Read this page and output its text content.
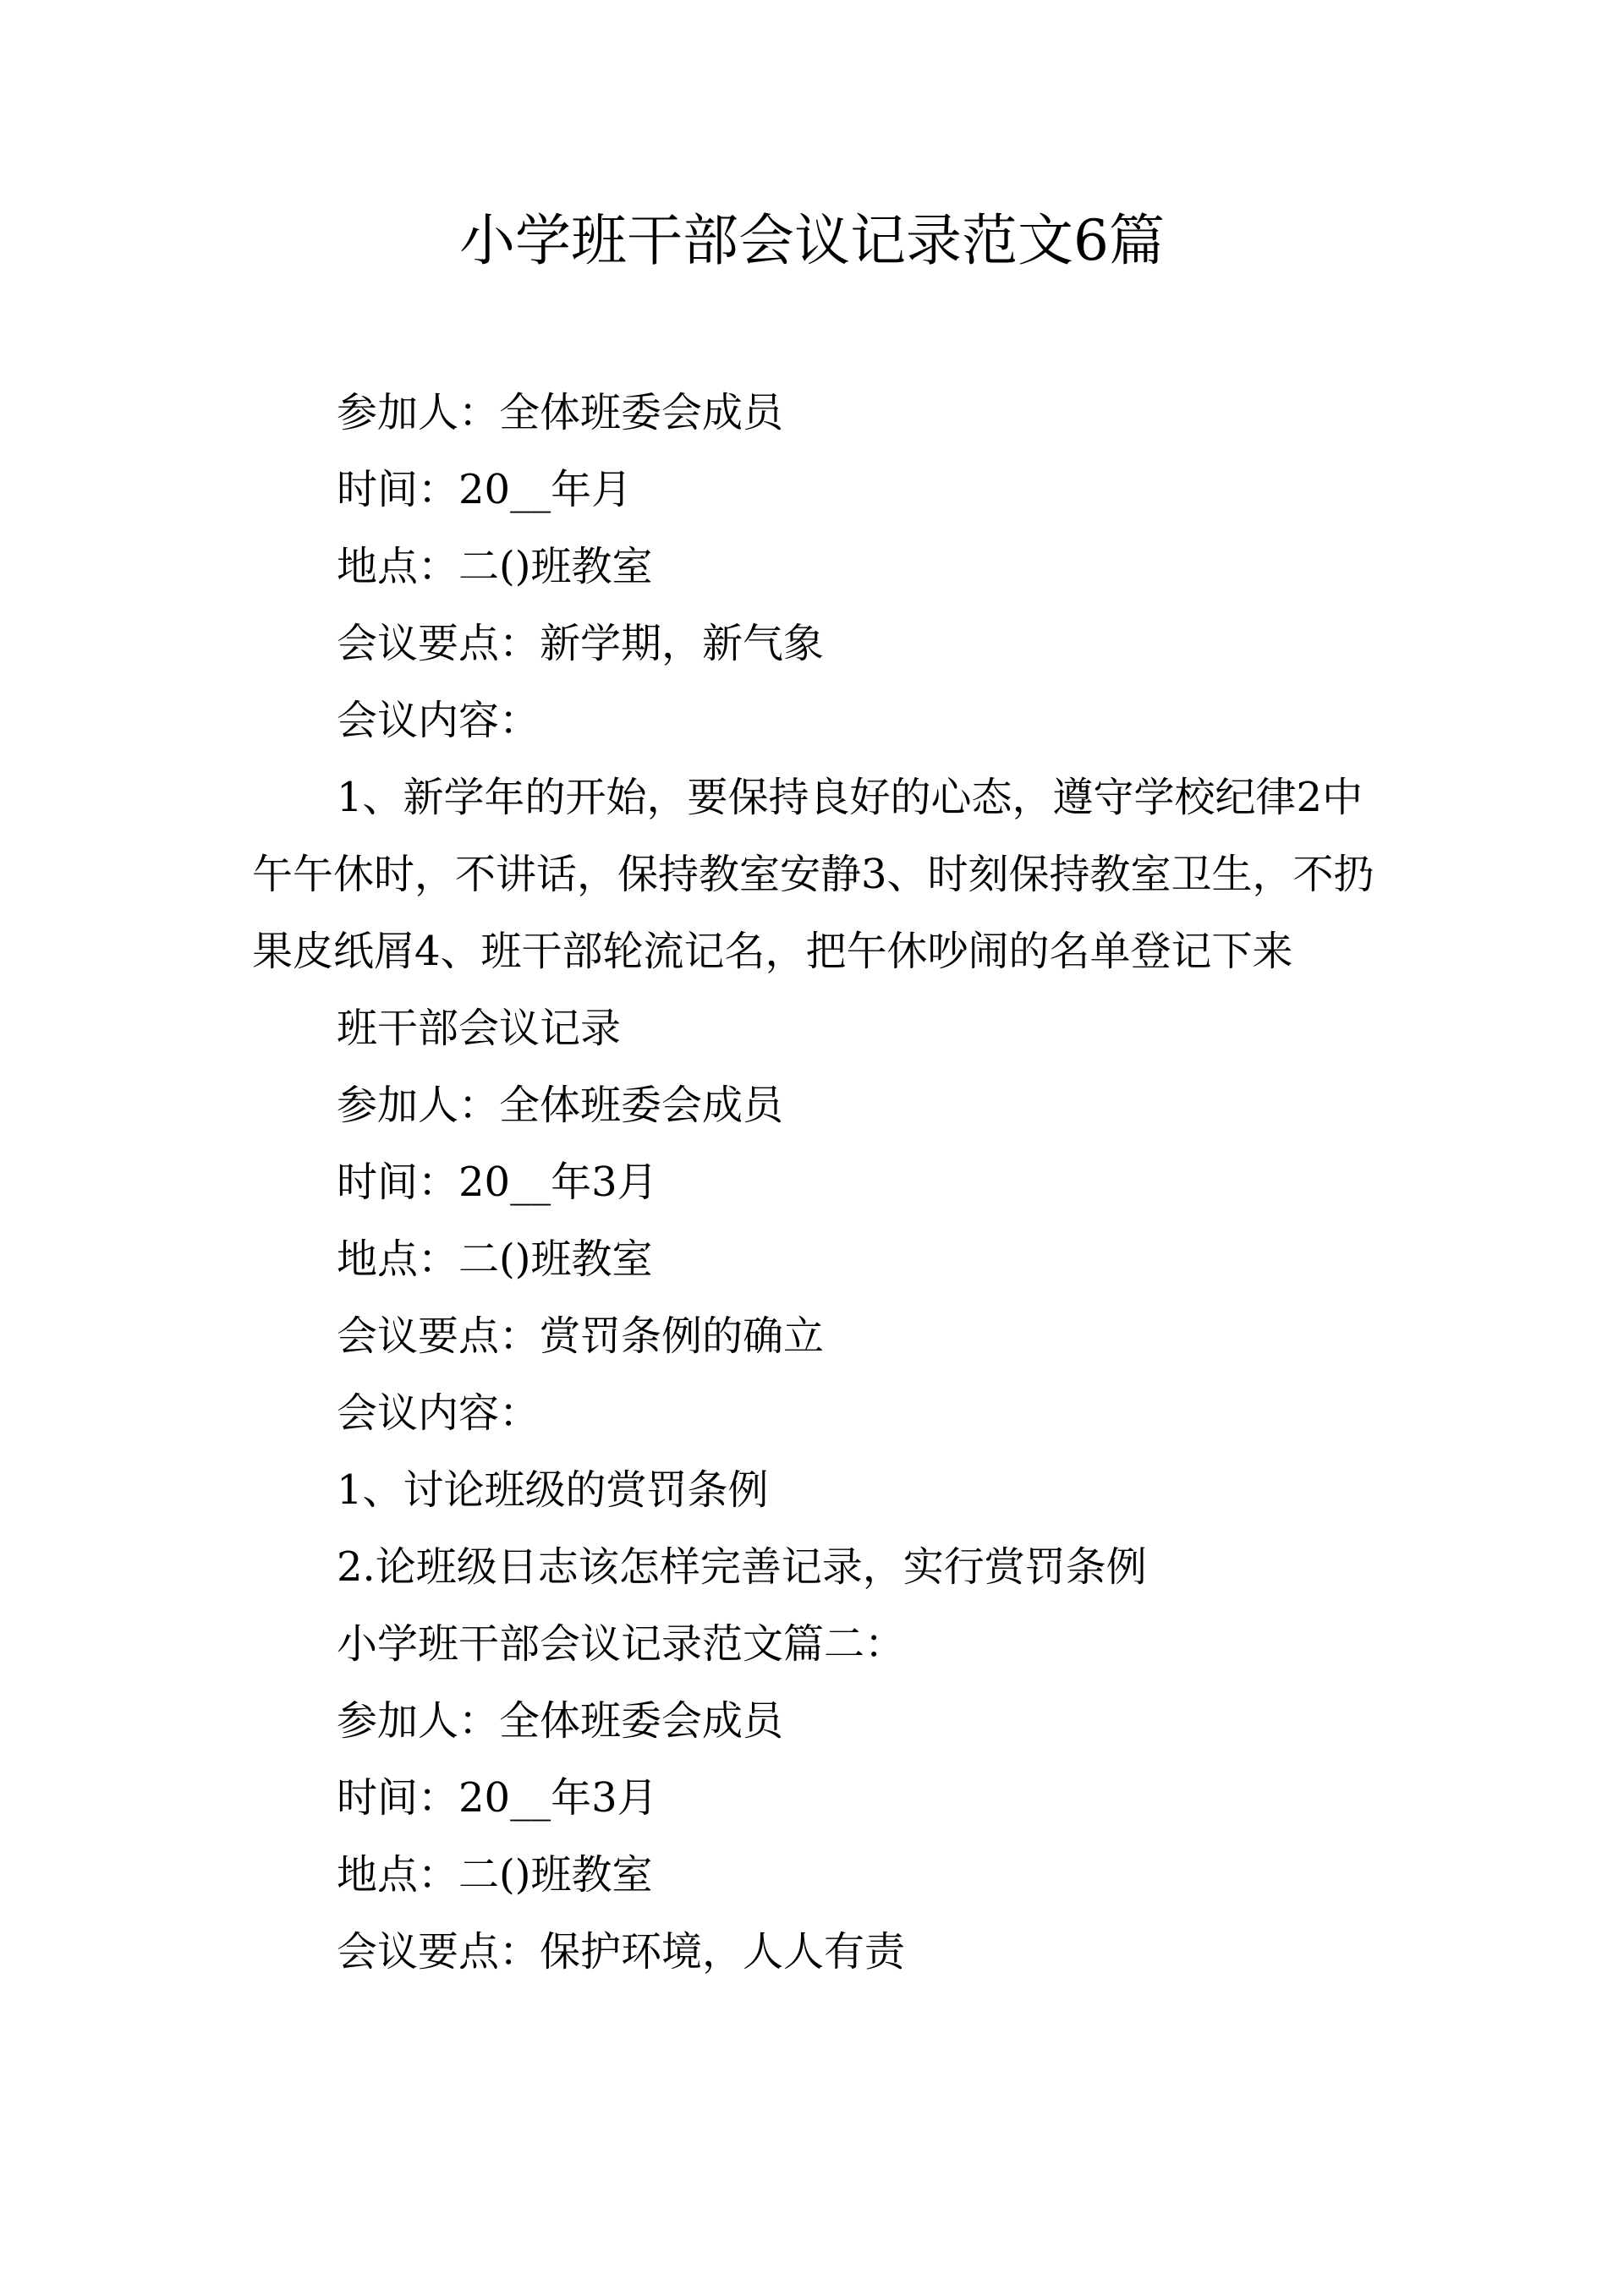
小学班干部会议记录范文6篇

参加人：全体班委会成员

时间：20__年月

地点：二()班教室

会议要点：新学期，新气象

会议内容：

1、新学年的开始，要保持良好的心态，遵守学校纪律2中午午休时，不讲话，保持教室安静3、时刻保持教室卫生，不扔果皮纸屑4、班干部轮流记名，把午休吵闹的名单登记下来

班干部会议记录

参加人：全体班委会成员

时间：20__年3月

地点：二()班教室

会议要点：赏罚条例的确立

会议内容：

1、讨论班级的赏罚条例

2.论班级日志该怎样完善记录，实行赏罚条例

小学班干部会议记录范文篇二：

参加人：全体班委会成员

时间：20__年3月

地点：二()班教室

会议要点：保护环境，人人有责
